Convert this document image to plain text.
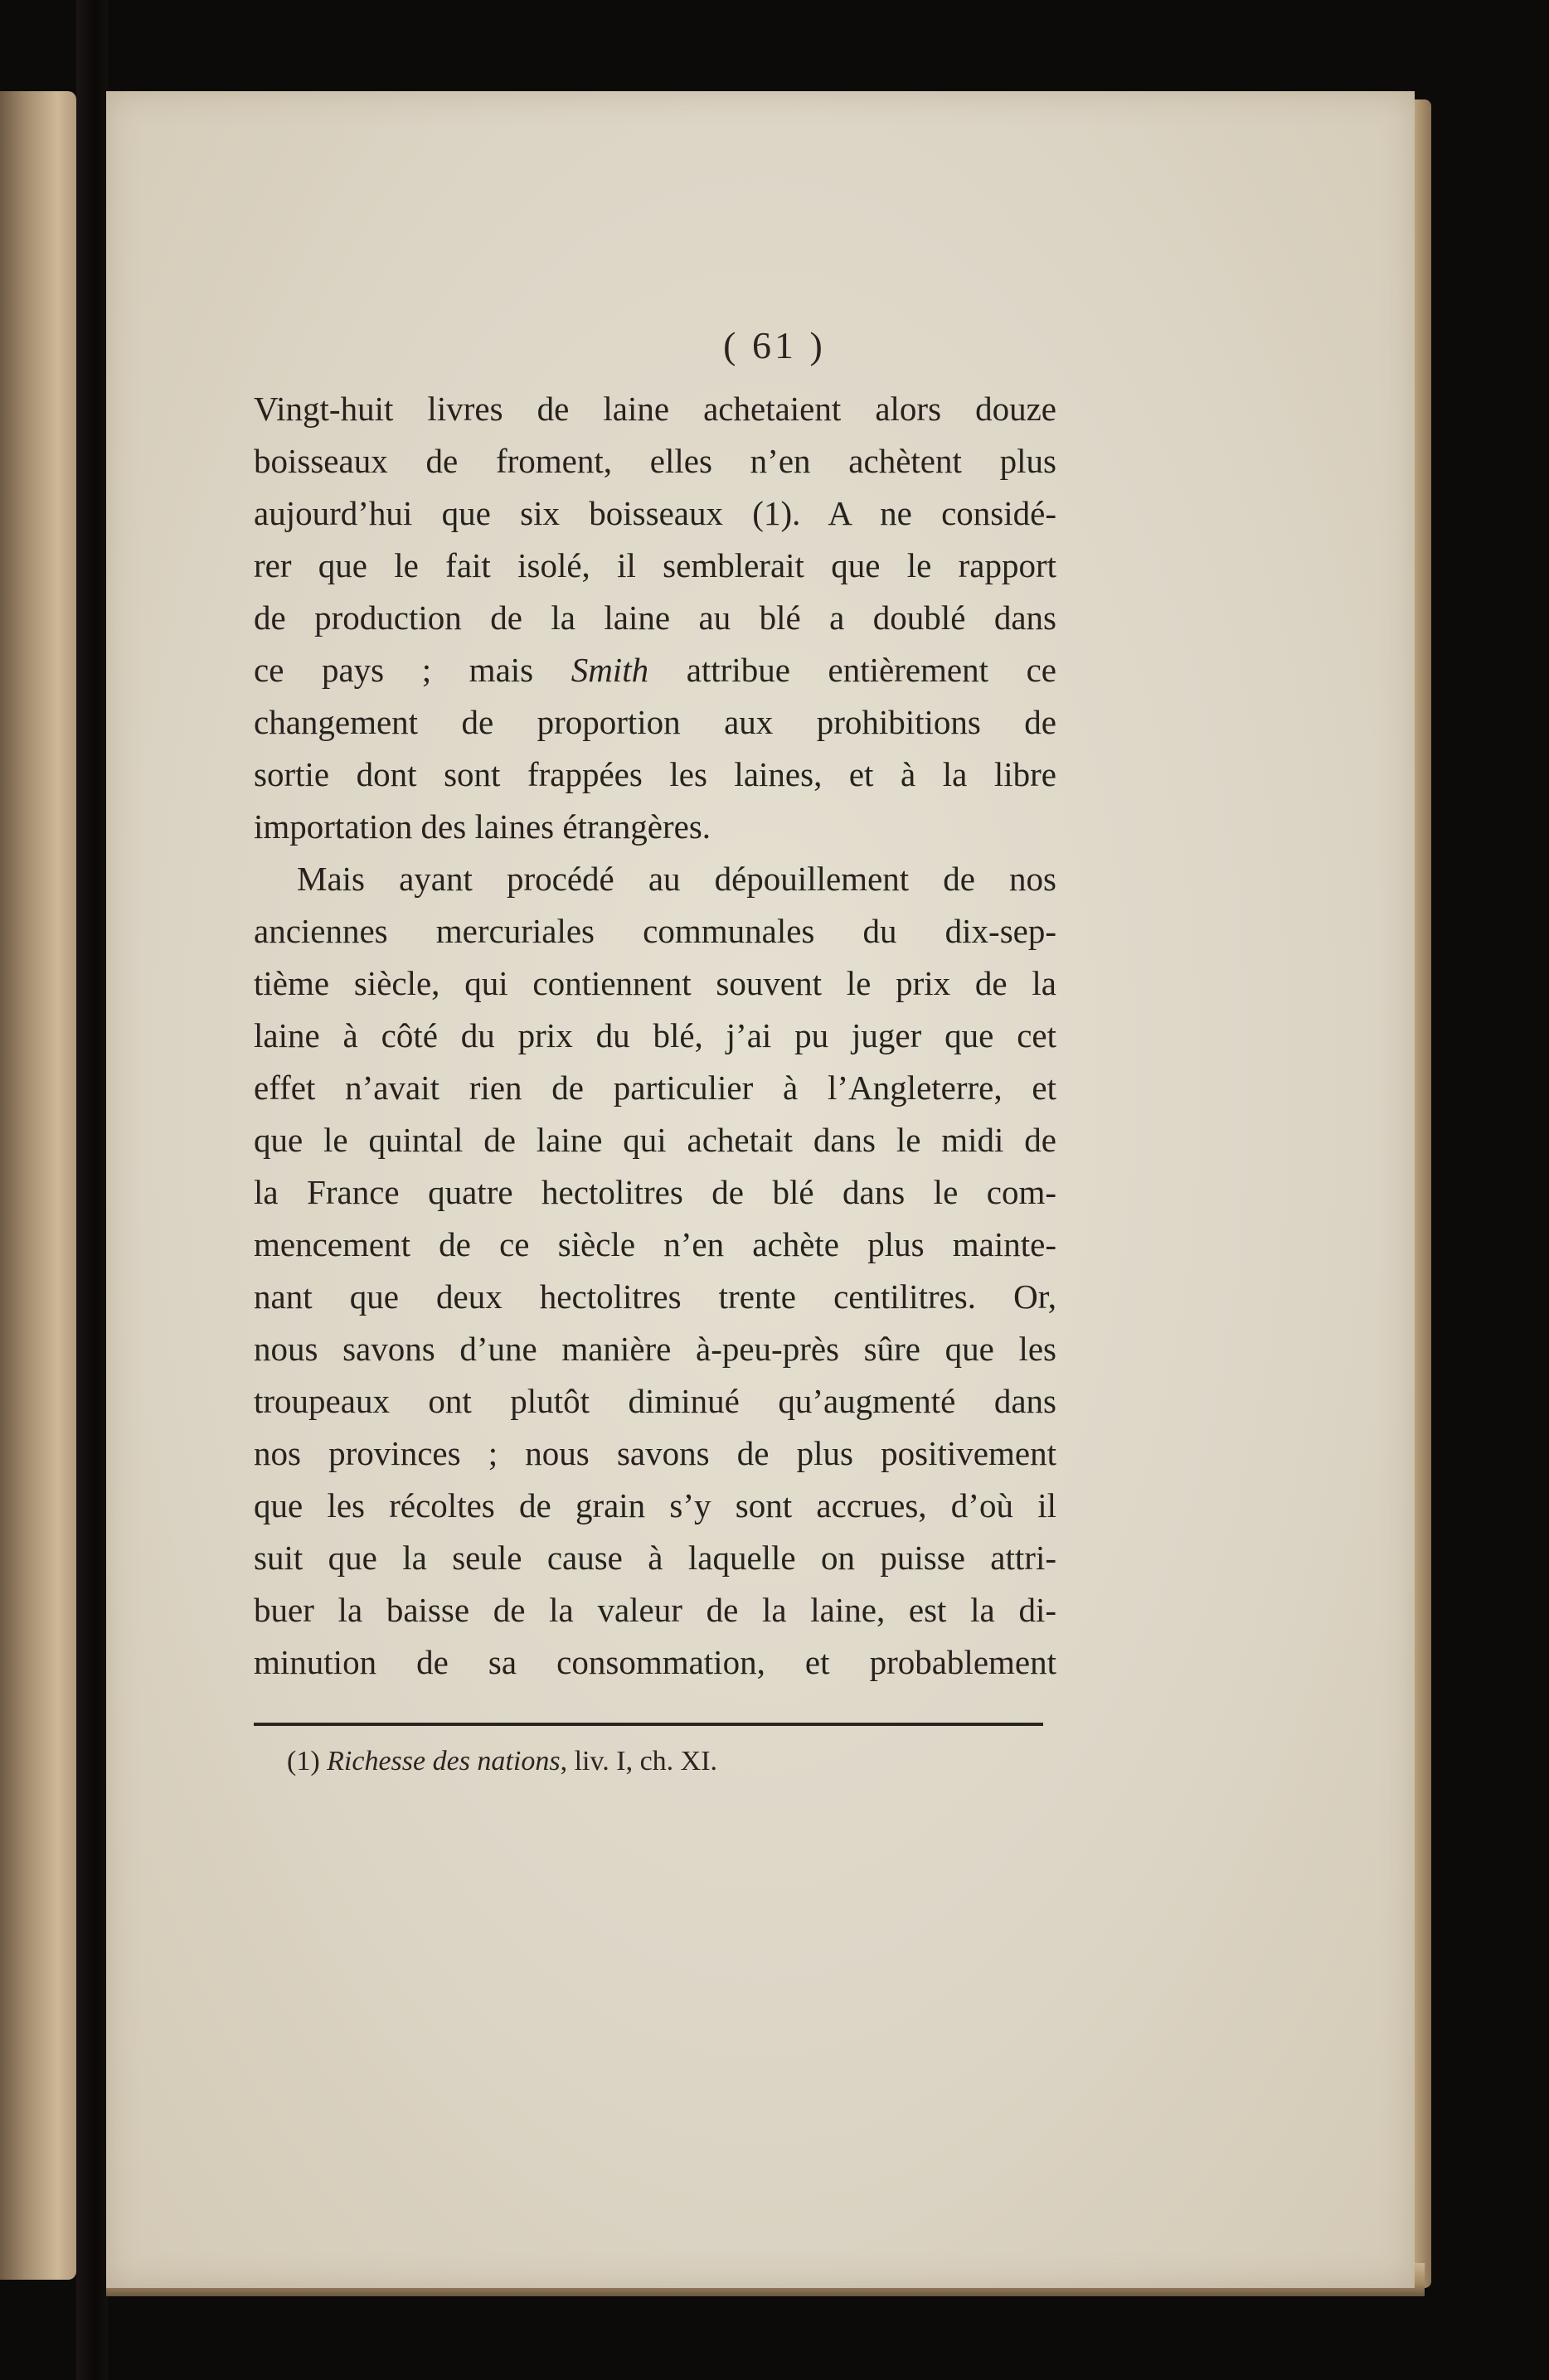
( 61 )
Vingt-huit livres de laine achetaient alors douze
boisseaux de froment, elles n’en achètent plus
aujourd’hui que six boisseaux (1). A ne considé-
rer que le fait isolé, il semblerait que le rapport
de production de la laine au blé a doublé dans
ce pays ; mais Smith attribue entièrement ce
changement de proportion aux prohibitions de
sortie dont sont frappées les laines, et à la libre
importation des laines étrangères.
Mais ayant procédé au dépouillement de nos
anciennes mercuriales communales du dix-sep-
tième siècle, qui contiennent souvent le prix de la
laine à côté du prix du blé, j’ai pu juger que cet
effet n’avait rien de particulier à l’Angleterre, et
que le quintal de laine qui achetait dans le midi de
la France quatre hectolitres de blé dans le com-
mencement de ce siècle n’en achète plus mainte-
nant que deux hectolitres trente centilitres. Or,
nous savons d’une manière à-peu-près sûre que les
troupeaux ont plutôt diminué qu’augmenté dans
nos provinces ; nous savons de plus positivement
que les récoltes de grain s’y sont accrues, d’où il
suit que la seule cause à laquelle on puisse attri-
buer la baisse de la valeur de la laine, est la di-
minution de sa consommation, et probablement
(1) Richesse des nations, liv. I, ch. XI.
